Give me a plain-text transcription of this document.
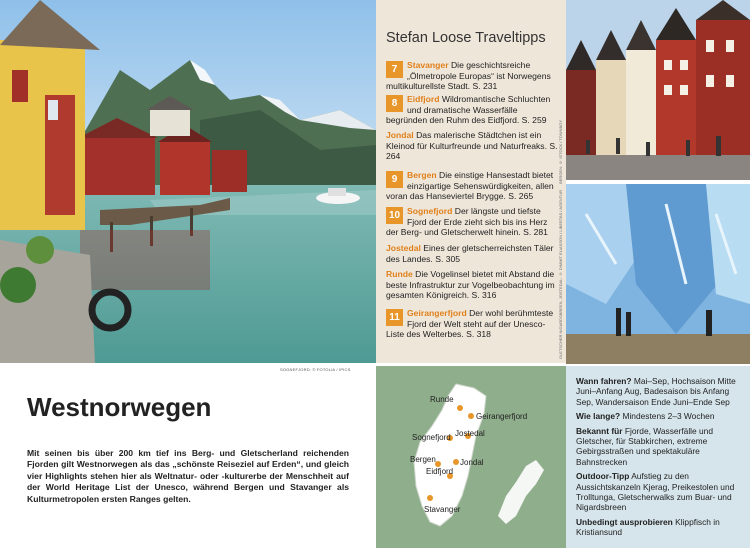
SOGNEFJORD: © FOTOLIA / IPICS
Stefan Loose Traveltipps
7	Stavanger Die geschichtsreiche „Ölmetropole Europas“ ist Norwegens multikulturellste Stadt. S. 231
8	Eidfjord Wildromantische Schluchten und dramatische Wasserfälle begründen den Ruhm des Eidfjord. S. 259
Jondal Das malerische Städtchen ist ein Kleinod für Kulturfreunde und Naturfreaks. S. 264
9	Bergen Die einstige Hansestadt bietet einzigartige Sehenswürdigkeiten, allen voran das Hanseviertel Brygge. S. 265
10 Sognefjord Der längste und tiefste Fjord der Erde zieht sich bis ins Herz der Berg- und Gletscherwelt hinein. S. 281
Jostedal Eines der gletscherreichsten Täler des Landes. S. 305
Runde Die Vogelinsel bietet mit Abstand die beste Infrastruktur zur Vogelbeobachtung im gesamten Königreich. S. 316
11 Geirangerfjord Der wohl berühmteste Fjord der Welt steht auf der Unesco-Liste des Welterbes. S. 318
BERGEN: © ISTOCK / TOWNBOY
GLETSCHER NIGARDSBREEN, JOSTEDAL: © DIMMIT ELIASSON / LIBERTAS / AGENTUR
Westnorwegen

Mit seinen bis über 200 km tief ins Berg- und Gletscherland reichenden Fjorden gilt Westnorwegen als das „schönste Reiseziel auf Erden“, und gleich vier Highlights stehen hier als Weltnatur- oder -kulturerbe der Menschheit auf der World Heritage List der Unesco, während Bergen und Stavanger als Kulturmetropolen ersten Ranges gelten.

Runde
Geirangerfjord
Sognefjord Jostedal
Bergen	Jondal
Eidfjord
Stavanger

Wann fahren? Mai–Sep, Hochsaison Mitte Juni–Anfang Aug, Badesaison bis Anfang Sep, Wandersaison Ende Juni–Ende Sep

Wie lange? Mindestens 2–3 Wochen

Bekannt für Fjorde, Wasserfälle und Gletscher, für Stabkirchen, extreme Gebirgsstraßen und spektakuläre Bahnstrecken

Outdoor-Tipp Aufstieg zu den Aussichtskanzeln Kjerag, Preikestolen und Trolltunga, Gletscherwalks zum Buar- und Nigardsbreen

Unbedingt ausprobieren Klippfisch in Kristiansund
